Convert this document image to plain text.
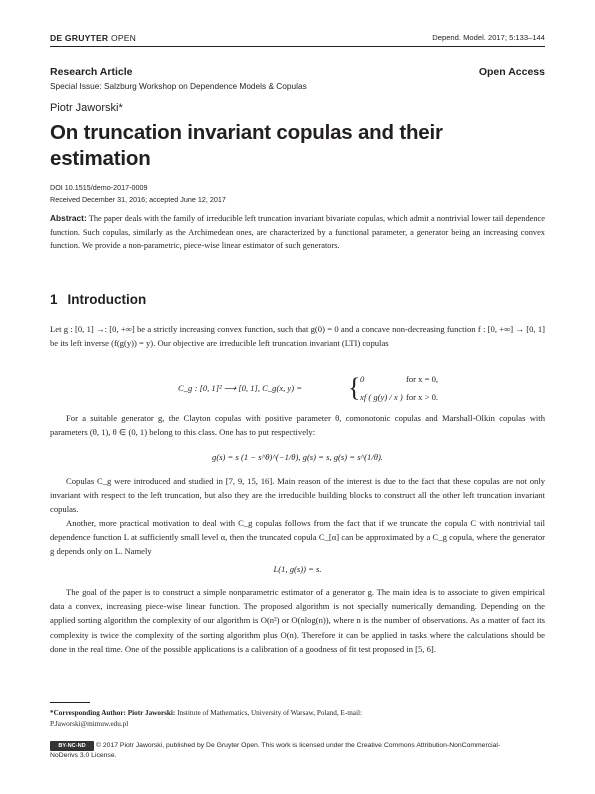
DE GRUYTER OPEN	Depend. Model. 2017; 5:133–144
Research Article	Open Access
Special Issue: Salzburg Workshop on Dependence Models & Copulas
Piotr Jaworski*
On truncation invariant copulas and their
estimation
DOI 10.1515/demo-2017-0009
Received December 31, 2016; accepted June 12, 2017
Abstract: The paper deals with the family of irreducible left truncation invariant bivariate copulas, which admit a nontrivial lower tail dependence function. Such copulas, similarly as the Archimedean ones, are characterized by a functional parameter, a generator being an increasing convex function. We provide a non-parametric, piece-wise linear estimator of such generators.
1 Introduction
Let g : [0, 1] →: [0, +∞] be a strictly increasing convex function, such that g(0) = 0 and a concave non-decreasing function f : [0, +∞] → [0, 1] be its left inverse (f(g(y)) = y). Our objective are irreducible left truncation invariant (LTI) copulas
C_g : [0, 1]² ⟶ [0, 1], C_g(x, y) = { 0	for x = 0,
xf ( g(y) / x ) for x > 0.
For a suitable generator g, the Clayton copulas with positive parameter θ, comonotonic copulas and Marshall-Olkin copulas with parameters (θ, 1), θ ∈ (0, 1) belong to this class. One has to put respectively:
g(s) = s (1 − s^θ)^(−1/θ), g(s) = s, g(s) = s^(1/θ).
Copulas C_g were introduced and studied in [7, 9, 15, 16]. Main reason of the interest is due to the fact that these copulas are not only invariant with respect to the left truncation, but also they are the irreducible building blocks to construct all the other left truncation invariant copulas.
Another, more practical motivation to deal with C_g copulas follows from the fact that if we truncate the copula C with nontrivial tail dependence function L at sufficiently small level α, then the truncated copula C_[α] can be approximated by a C_g copula, where the generator g depends only on L. Namely
L(1, g(s)) = s.
The goal of the paper is to construct a simple nonparametric estimator of a generator g. The main idea is to associate to given empirical data a convex, increasing piece-wise linear function. The proposed algorithm is not specially numerically demanding. Depending on the applied sorting algorithm the complexity of our algorithm is O(n²) or O(nlog(n)), where n is the number of observations. As a matter of fact its complexity is twice the complexity of the sorting algorithm plus O(n). Therefore it can be applied in tasks where the calculations should be done in the real time. One of the possible applications is a calibration of a goodness of fit test proposed in [5, 6].
*Corresponding Author: Piotr Jaworski: Institute of Mathematics, University of Warsaw, Poland, E-mail:
P.Jaworski@mimuw.edu.pl
BY-NC-ND	© 2017 Piotr Jaworski, published by De Gruyter Open. This work is licensed under the Creative Commons Attribution-NonCommercial-
NoDerivs 3.0 License.
